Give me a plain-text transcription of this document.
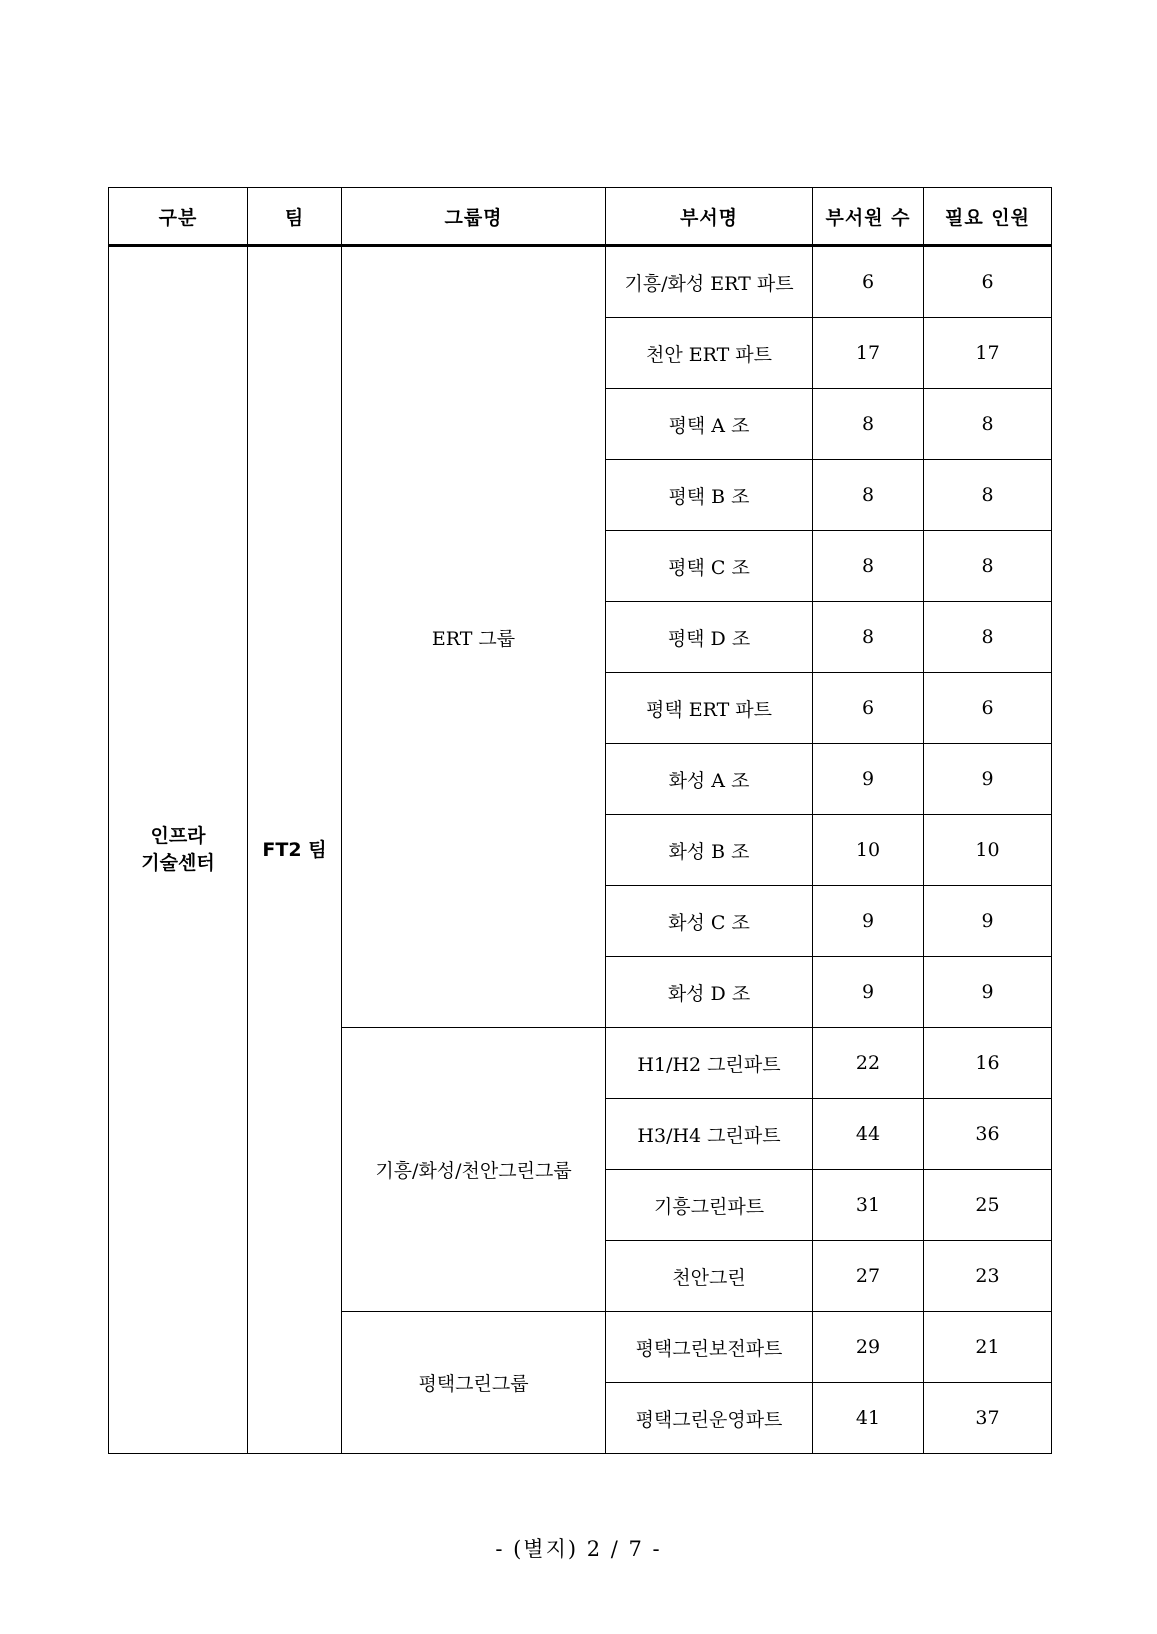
구분	팀	그룹명	부서명	부서원 수	필요 인원

인프라
기술센터	FT2 팀	ERT 그룹	기흥/화성 ERT 파트	6	6
			천안 ERT 파트	17	17
			평택 A 조	8	8
			평택 B 조	8	8
			평택 C 조	8	8
			평택 D 조	8	8
			평택 ERT 파트	6	6
			화성 A 조	9	9
			화성 B 조	10	10
			화성 C 조	9	9
			화성 D 조	9	9
		기흥/화성/천안그린그룹	H1/H2 그린파트	22	16
			H3/H4 그린파트	44	36
			기흥그린파트	31	25
			천안그린	27	23
		평택그린그룹	평택그린보전파트	29	21
			평택그린운영파트	41	37
- (별지) 2 / 7 -
